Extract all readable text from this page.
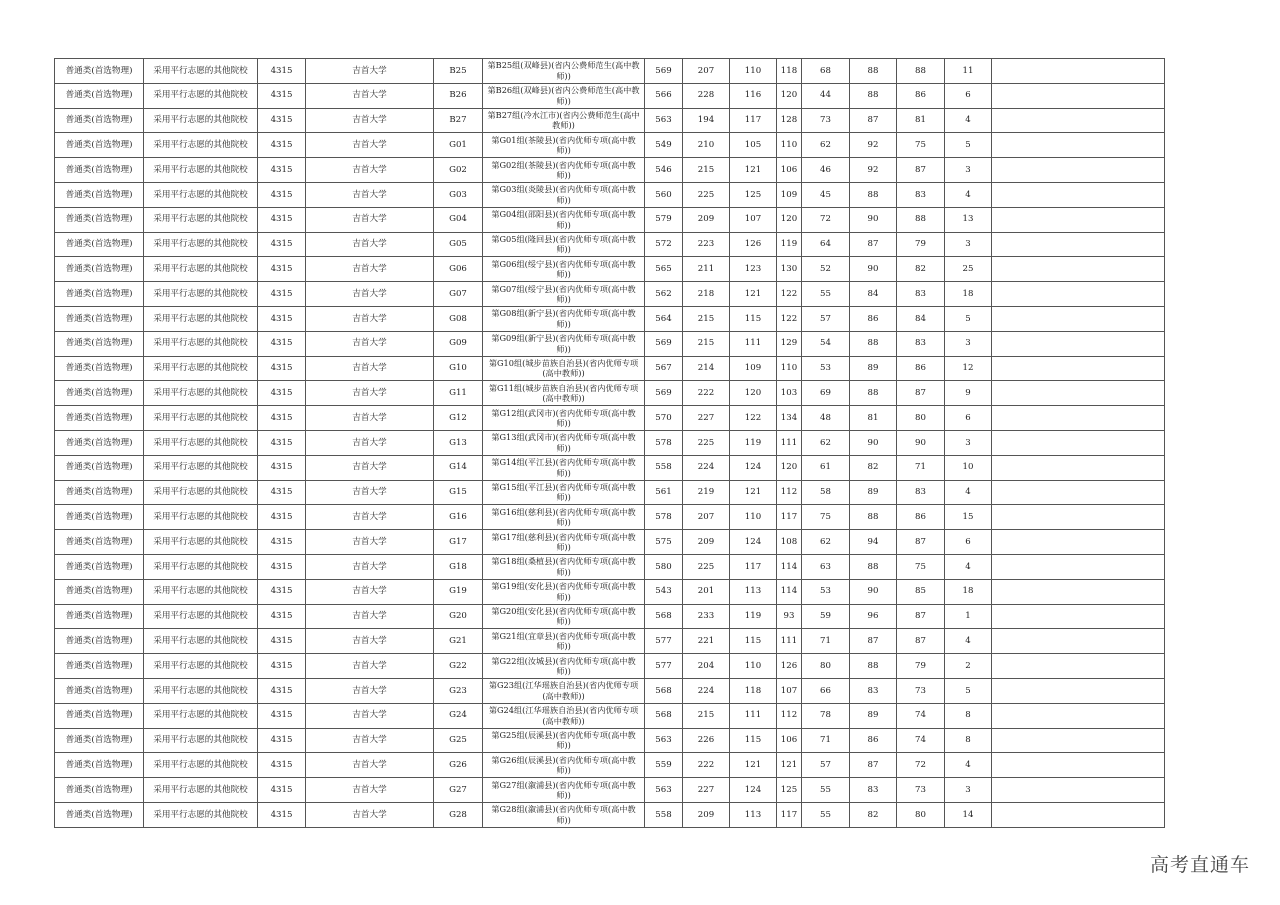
普通类(首选物理)	采用平行志愿的其他院校	4315	吉首大学	B25	第B25组(双峰县)(省内公费师范生(高中教师))	569	207	110	118	68	88	88	11	
普通类(首选物理)	采用平行志愿的其他院校	4315	吉首大学	B26	第B26组(双峰县)(省内公费师范生(高中教师))	566	228	116	120	44	88	86	6	
普通类(首选物理)	采用平行志愿的其他院校	4315	吉首大学	B27	第B27组(冷水江市)(省内公费师范生(高中教师))	563	194	117	128	73	87	81	4	
普通类(首选物理)	采用平行志愿的其他院校	4315	吉首大学	G01	第G01组(茶陵县)(省内优师专项(高中教师))	549	210	105	110	62	92	75	5	
普通类(首选物理)	采用平行志愿的其他院校	4315	吉首大学	G02	第G02组(茶陵县)(省内优师专项(高中教师))	546	215	121	106	46	92	87	3	
普通类(首选物理)	采用平行志愿的其他院校	4315	吉首大学	G03	第G03组(炎陵县)(省内优师专项(高中教师))	560	225	125	109	45	88	83	4	
普通类(首选物理)	采用平行志愿的其他院校	4315	吉首大学	G04	第G04组(邵阳县)(省内优师专项(高中教师))	579	209	107	120	72	90	88	13	
普通类(首选物理)	采用平行志愿的其他院校	4315	吉首大学	G05	第G05组(隆回县)(省内优师专项(高中教师))	572	223	126	119	64	87	79	3	
普通类(首选物理)	采用平行志愿的其他院校	4315	吉首大学	G06	第G06组(绥宁县)(省内优师专项(高中教师))	565	211	123	130	52	90	82	25	
普通类(首选物理)	采用平行志愿的其他院校	4315	吉首大学	G07	第G07组(绥宁县)(省内优师专项(高中教师))	562	218	121	122	55	84	83	18	
普通类(首选物理)	采用平行志愿的其他院校	4315	吉首大学	G08	第G08组(新宁县)(省内优师专项(高中教师))	564	215	115	122	57	86	84	5	
普通类(首选物理)	采用平行志愿的其他院校	4315	吉首大学	G09	第G09组(新宁县)(省内优师专项(高中教师))	569	215	111	129	54	88	83	3	
普通类(首选物理)	采用平行志愿的其他院校	4315	吉首大学	G10	第G10组(城步苗族自治县)(省内优师专项(高中教师))	567	214	109	110	53	89	86	12	
普通类(首选物理)	采用平行志愿的其他院校	4315	吉首大学	G11	第G11组(城步苗族自治县)(省内优师专项(高中教师))	569	222	120	103	69	88	87	9	
普通类(首选物理)	采用平行志愿的其他院校	4315	吉首大学	G12	第G12组(武冈市)(省内优师专项(高中教师))	570	227	122	134	48	81	80	6	
普通类(首选物理)	采用平行志愿的其他院校	4315	吉首大学	G13	第G13组(武冈市)(省内优师专项(高中教师))	578	225	119	111	62	90	90	3	
普通类(首选物理)	采用平行志愿的其他院校	4315	吉首大学	G14	第G14组(平江县)(省内优师专项(高中教师))	558	224	124	120	61	82	71	10	
普通类(首选物理)	采用平行志愿的其他院校	4315	吉首大学	G15	第G15组(平江县)(省内优师专项(高中教师))	561	219	121	112	58	89	83	4	
普通类(首选物理)	采用平行志愿的其他院校	4315	吉首大学	G16	第G16组(慈利县)(省内优师专项(高中教师))	578	207	110	117	75	88	86	15	
普通类(首选物理)	采用平行志愿的其他院校	4315	吉首大学	G17	第G17组(慈利县)(省内优师专项(高中教师))	575	209	124	108	62	94	87	6	
普通类(首选物理)	采用平行志愿的其他院校	4315	吉首大学	G18	第G18组(桑植县)(省内优师专项(高中教师))	580	225	117	114	63	88	75	4	
普通类(首选物理)	采用平行志愿的其他院校	4315	吉首大学	G19	第G19组(安化县)(省内优师专项(高中教师))	543	201	113	114	53	90	85	18	
普通类(首选物理)	采用平行志愿的其他院校	4315	吉首大学	G20	第G20组(安化县)(省内优师专项(高中教师))	568	233	119	93	59	96	87	1	
普通类(首选物理)	采用平行志愿的其他院校	4315	吉首大学	G21	第G21组(宜章县)(省内优师专项(高中教师))	577	221	115	111	71	87	87	4	
普通类(首选物理)	采用平行志愿的其他院校	4315	吉首大学	G22	第G22组(汝城县)(省内优师专项(高中教师))	577	204	110	126	80	88	79	2	
普通类(首选物理)	采用平行志愿的其他院校	4315	吉首大学	G23	第G23组(江华瑶族自治县)(省内优师专项(高中教师))	568	224	118	107	66	83	73	5	
普通类(首选物理)	采用平行志愿的其他院校	4315	吉首大学	G24	第G24组(江华瑶族自治县)(省内优师专项(高中教师))	568	215	111	112	78	89	74	8	
普通类(首选物理)	采用平行志愿的其他院校	4315	吉首大学	G25	第G25组(辰溪县)(省内优师专项(高中教师))	563	226	115	106	71	86	74	8	
普通类(首选物理)	采用平行志愿的其他院校	4315	吉首大学	G26	第G26组(辰溪县)(省内优师专项(高中教师))	559	222	121	121	57	87	72	4	
普通类(首选物理)	采用平行志愿的其他院校	4315	吉首大学	G27	第G27组(溆浦县)(省内优师专项(高中教师))	563	227	124	125	55	83	73	3	
普通类(首选物理)	采用平行志愿的其他院校	4315	吉首大学	G28	第G28组(溆浦县)(省内优师专项(高中教师))	558	209	113	117	55	82	80	14	
高考直通车
